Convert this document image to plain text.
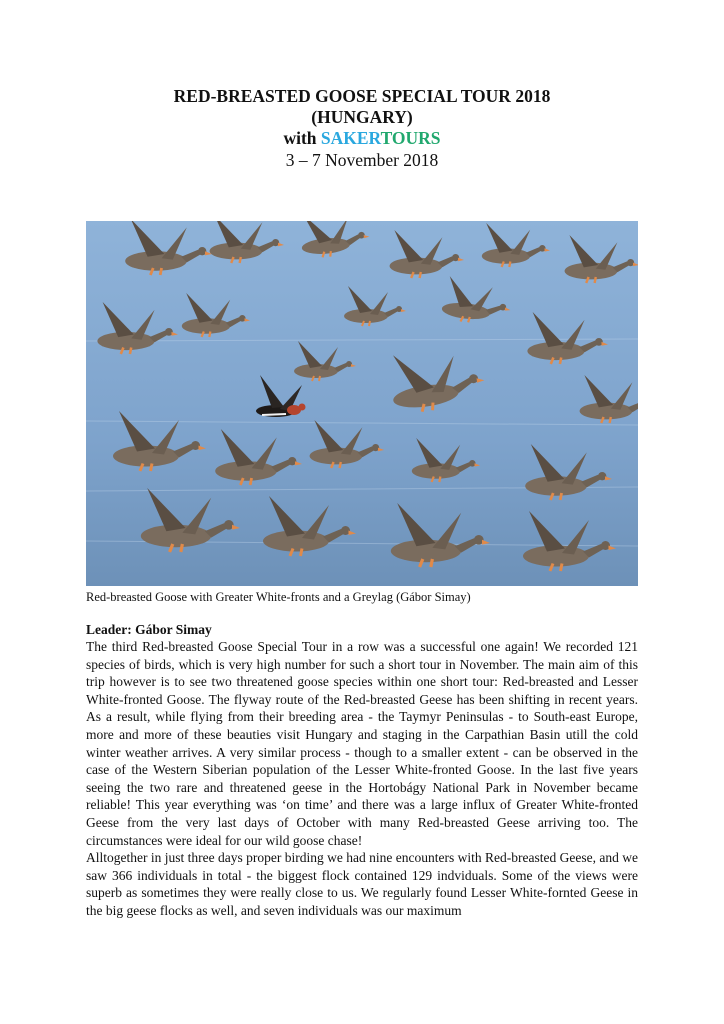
RED-BREASTED GOOSE SPECIAL TOUR 2018

(HUNGARY)

with SAKERTOURS

3 – 7 November 2018

Red-breasted Goose with Greater White-fronts and a Greylag (Gábor Simay)

Leader: Gábor Simay

The third Red-breasted Goose Special Tour in a row was a successful one again! We recorded 121 species of birds, which is very high number for such a short tour in November. The main aim of this trip however is to see two threatened goose species within one short tour: Red-breasted and Lesser White-fronted Goose. The flyway route of the Red-breasted Geese has been shifting in recent years. As a result, while flying from their breeding area - the Taymyr Peninsulas - to South-east Europe, more and more of these beauties visit Hungary and staging in the Carpathian Basin utill the cold winter weather arrives. A very similar process - though to a smaller extent - can be observed in the case of the Western Siberian population of the Lesser White-fronted Goose. In the last five years seeing the two rare and threatened geese in the Hortobágy National Park in November became reliable! This year everything was ‘on time’ and there was a large influx of Greater White-fronted Geese from the very last days of October with many Red-breasted Geese arriving too. The circumstances were ideal for our wild goose chase!

Alltogether in just three days proper birding we had nine encounters with Red-breasted Geese, and we saw 366 individuals in total - the biggest flock contained 129 indviduals. Some of the views were superb as sometimes they were really close to us. We regularly found Lesser White-fornted Geese in the big geese flocks as well, and seven individuals was our maximum
